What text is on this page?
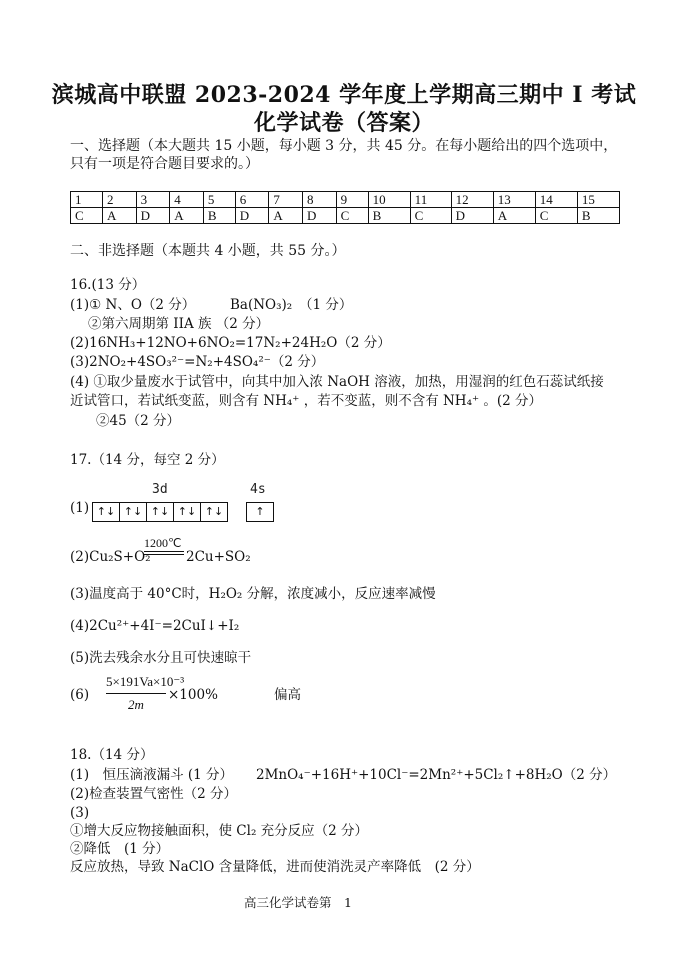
滨城高中联盟 2023-2024 学年度上学期高三期中 Ⅰ 考试
化学试卷（答案）
一、选择题（本大题共 15 小题，每小题 3 分，共 45 分。在每小题给出的四个选项中，
只有一项是符合题目要求的。）
1	2	3	4	5	6	7	8	9	10	11	12	13	14	15
C	A	D	A	B	D	A	D	C	B	C	D	A	C	B
二、非选择题（本题共 4 小题，共 55 分。）
16.(13 分）
(1)① N、O（2 分）	Ba(NO₃)₂　（1 分）
②第六周期第 IIA 族 （2 分）
(2)16NH₃+12NO+6NO₂=17N₂+24H₂O（2 分）
(3)2NO₂+4SO₃²⁻=N₂+4SO₄²⁻（2 分）
(4) ①取少量废水于试管中，向其中加入浓 NaOH 溶液，加热，用湿润的红色石蕊试纸接
近试管口，若试纸变蓝，则含有 NH₄⁺ ，若不变蓝，则不含有 NH₄⁺ 。(2 分）
②45（2 分）
17.（14 分，每空 2 分）
3d	4s
(1) ↑↓ ↑↓ ↑↓ ↑↓ ↑↓	↑
1200℃
(2)Cu₂S+O₂	2Cu+SO₂
(3)温度高于 40°C时，H₂O₂ 分解，浓度减小，反应速率减慢
(4)2Cu²⁺+4I⁻=2CuI↓+I₂
(5)洗去残余水分且可快速晾干
(6)
5×191Va×10⁻³
2m
×100%	偏高
18.（14 分）
(1)　恒压滴液漏斗 (1 分） 2MnO₄⁻+16H⁺+10Cl⁻=2Mn²⁺+5Cl₂↑+8H₂O（2 分）
(2)检查装置气密性（2 分）
(3)
①增大反应物接触面积，使 Cl₂ 充分反应（2 分）
②降低　(1 分）
反应放热，导致 NaClO 含量降低，进而使消洗灵产率降低　(2 分）
高三化学试卷第　1
